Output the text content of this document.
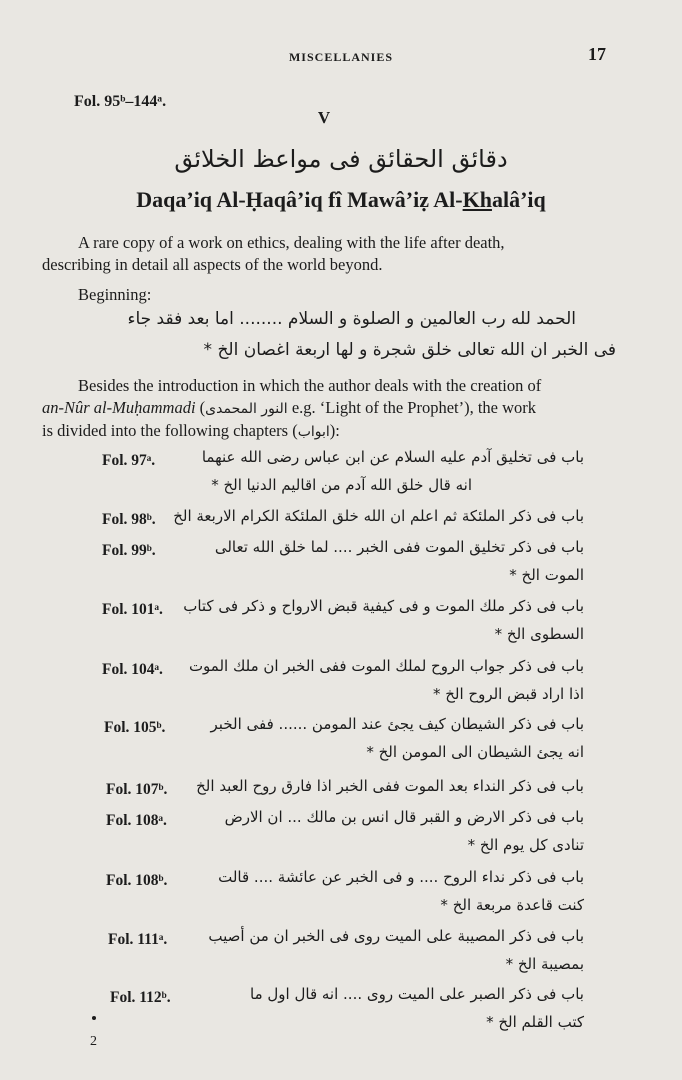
MISCELLANIES	17
Fol. 95ᵇ–144ᵃ.
V
دقائق الحقائق فى مواعظ الخلائق
Daqa’iq Al-Ḥaqâ’iq fî Mawâ’iẓ Al-Khalâ’iq
A rare copy of a work on ethics, dealing with the life after death,
describing in detail all aspects of the world beyond.
Beginning:
الحمد لله رب العالمين و الصلوة و السلام ........ اما بعد فقد جاء
فى الخبر ان الله تعالى خلق شجرة و لها اربعة اغصان الخ *
Besides the introduction in which the author deals with the creation of
an-Nûr al-Muḥammadi (النور المحمدى e.g. ‘Light of the Prophet’), the work
is divided into the following chapters (ابواب):
Fol. 97ᵃ.	باب فى تخليق آدم عليه السلام عن ابن عباس رضى الله عنهما
انه قال خلق الله آدم من اقاليم الدنيا الخ *
Fol. 98ᵇ. باب فى ذكر الملئكة ثم اعلم ان الله خلق الملئكة الكرام الاربعة الخ
Fol. 99ᵇ.	باب فى ذكر تخليق الموت ففى الخبر .... لما خلق الله تعالى
الموت الخ *
Fol. 101ᵃ. باب فى ذكر ملك الموت و فى كيفية قبض الارواح و ذكر فى كتاب
السطوى الخ *
Fol. 104ᵃ. باب فى ذكر جواب الروح لملك الموت ففى الخبر ان ملك الموت
اذا اراد قبض الروح الخ *
Fol. 105ᵇ.	باب فى ذكر الشيطان كيف يجئ عند المومن ...... ففى الخبر
انه يجئ الشيطان الى المومن الخ *
Fol. 107ᵇ. باب فى ذكر النداء بعد الموت ففى الخبر اذا فارق روح العبد الخ
Fol. 108ᵃ.	باب فى ذكر الارض و القبر قال انس بن مالك ... ان الارض
تنادى كل يوم الخ *
Fol. 108ᵇ.	باب فى ذكر نداء الروح .... و فى الخبر عن عائشة .... قالت
كنت قاعدة مربعة الخ *
Fol. 111ᵃ.	باب فى ذكر المصيبة على الميت روى فى الخبر ان من أصيب
بمصيبة الخ *
Fol. 112ᵇ.	باب فى ذكر الصبر على الميت روى .... انه قال اول ما
كتب القلم الخ *
2
